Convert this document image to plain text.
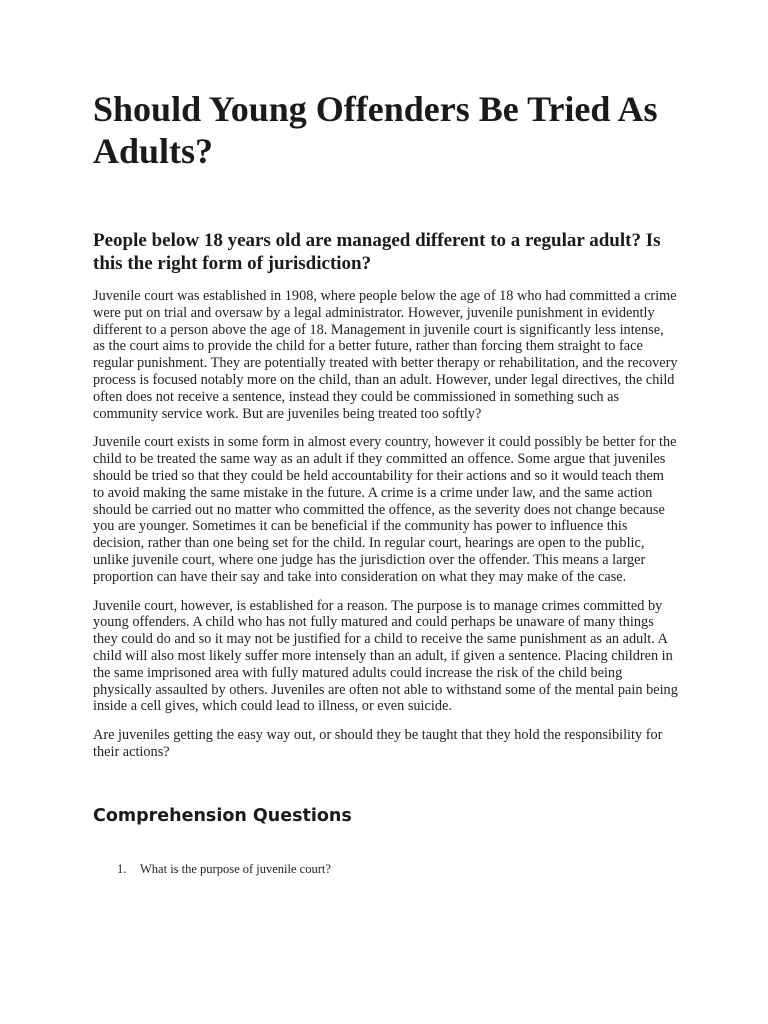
Should Young Offenders Be Tried As Adults?
People below 18 years old are managed different to a regular adult? Is this the right form of jurisdiction?

Juvenile court was established in 1908, where people below the age of 18 who had committed a crime were put on trial and oversaw by a legal administrator. However, juvenile punishment in evidently different to a person above the age of 18. Management in juvenile court is significantly less intense, as the court aims to provide the child for a better future, rather than forcing them straight to face regular punishment. They are potentially treated with better therapy or rehabilitation, and the recovery process is focused notably more on the child, than an adult. However, under legal directives, the child often does not receive a sentence, instead they could be commissioned in something such as community service work. But are juveniles being treated too softly?

Juvenile court exists in some form in almost every country, however it could possibly be better for the child to be treated the same way as an adult if they committed an offence. Some argue that juveniles should be tried so that they could be held accountability for their actions and so it would teach them to avoid making the same mistake in the future. A crime is a crime under law, and the same action should be carried out no matter who committed the offence, as the severity does not change because you are younger. Sometimes it can be beneficial if the community has power to influence this decision, rather than one being set for the child. In regular court, hearings are open to the public, unlike juvenile court, where one judge has the jurisdiction over the offender. This means a larger proportion can have their say and take into consideration on what they may make of the case.

Juvenile court, however, is established for a reason. The purpose is to manage crimes committed by young offenders. A child who has not fully matured and could perhaps be unaware of many things they could do and so it may not be justified for a child to receive the same punishment as an adult. A child will also most likely suffer more intensely than an adult, if given a sentence. Placing children in the same imprisoned area with fully matured adults could increase the risk of the child being physically assaulted by others. Juveniles are often not able to withstand some of the mental pain being inside a cell gives, which could lead to illness, or even suicide.

Are juveniles getting the easy way out, or should they be taught that they hold the responsibility for their actions?

Comprehension Questions
1.	What is the purpose of juvenile court?
